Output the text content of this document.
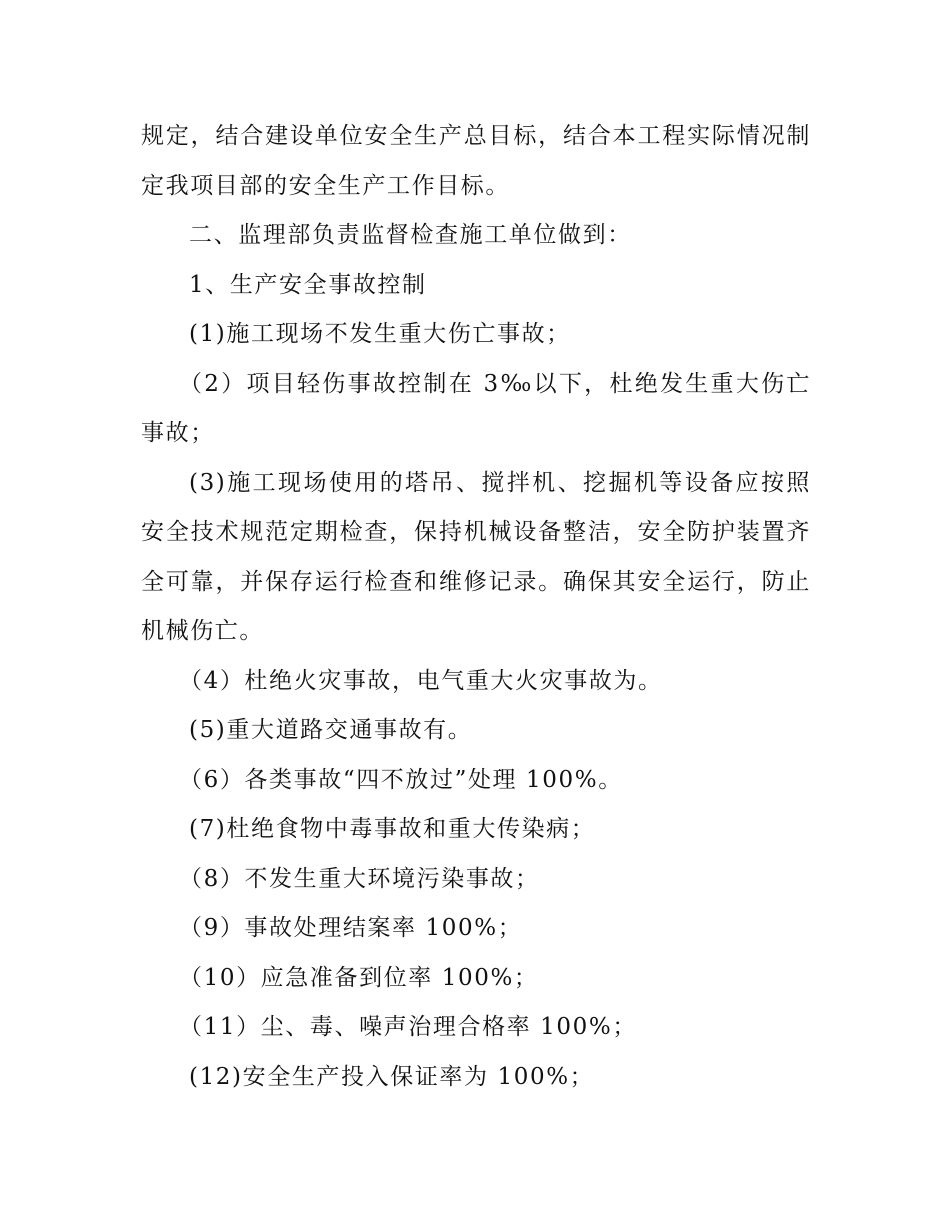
规定，结合建设单位安全生产总目标，结合本工程实际情况制定我项目部的安全生产工作目标。

二、监理部负责监督检查施工单位做到：

1、生产安全事故控制

(1)施工现场不发生重大伤亡事故；

（2）项目轻伤事故控制在 3‰以下，杜绝发生重大伤亡事故；

(3)施工现场使用的塔吊、搅拌机、挖掘机等设备应按照安全技术规范定期检查，保持机械设备整洁，安全防护装置齐全可靠，并保存运行检查和维修记录。确保其安全运行，防止机械伤亡。

（4）杜绝火灾事故，电气重大火灾事故为。

(5)重大道路交通事故有。

（6）各类事故“四不放过”处理 100%。

(7)杜绝食物中毒事故和重大传染病；

（8）不发生重大环境污染事故；

（9）事故处理结案率 100%；

（10）应急准备到位率 100%；

（11）尘、毒、噪声治理合格率 100%；

(12)安全生产投入保证率为 100%；
